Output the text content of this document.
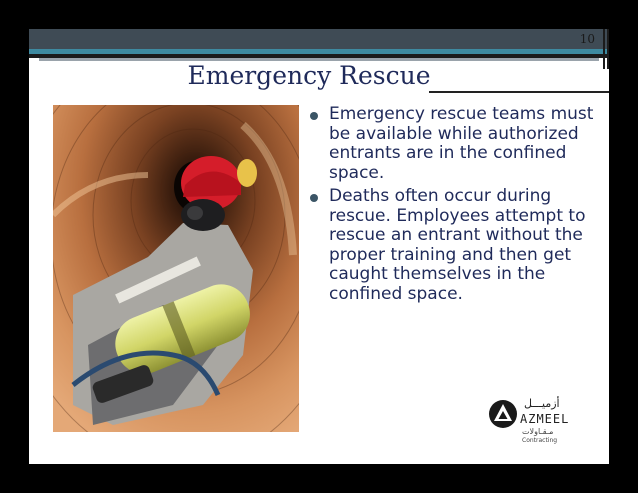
10
Emergency Rescue
Emergency rescue teams must be available while authorized entrants are in the confined space.
Deaths often occur during rescue. Employees attempt to rescue an entrant without the proper training and then get caught themselves in the confined space.
أزميـــل
AZMEEL
مـقـاولات
Contracting
